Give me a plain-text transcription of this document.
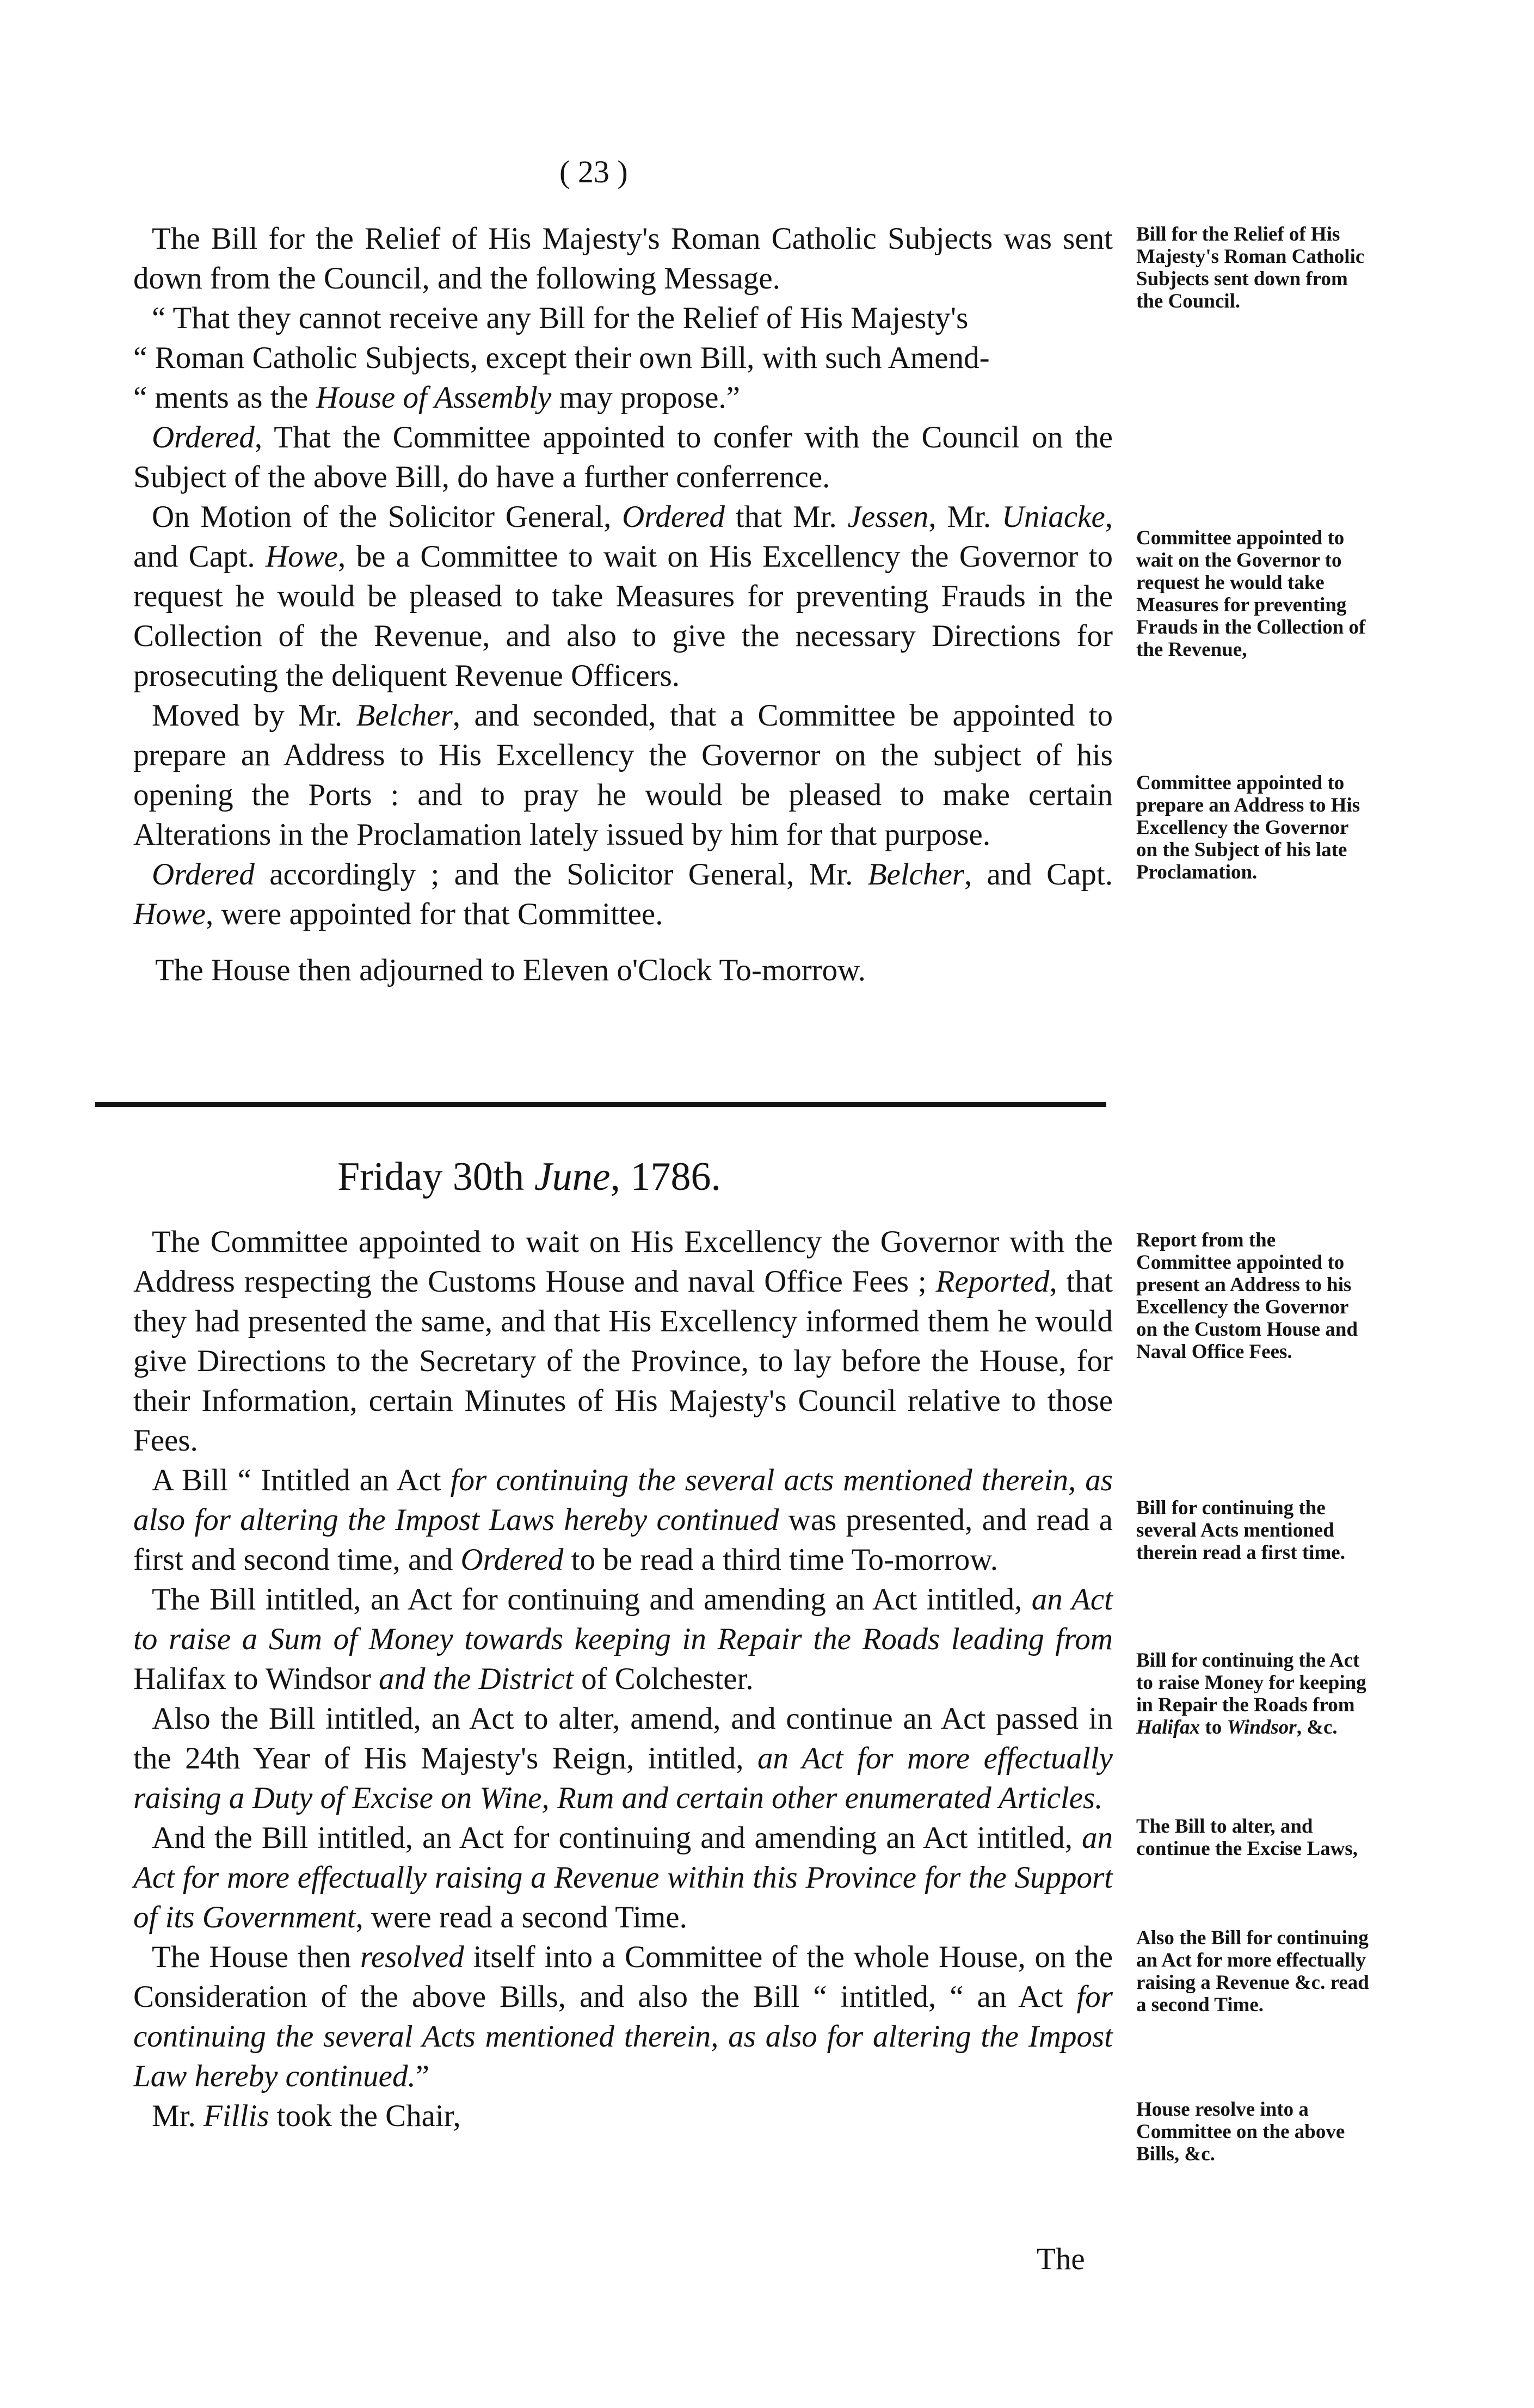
( 23 )

The Bill for the Relief of His Majesty's Roman Catholic Subjects was sent down from the Council, and the following Message.

“ That they cannot receive any Bill for the Relief of His Majesty's

“ Roman Catholic Subjects, except their own Bill, with such Amend-

“ ments as the House of Assembly may propose.”

Ordered, That the Committee appointed to confer with the Council on the Subject of the above Bill, do have a further conferrence.

On Motion of the Solicitor General, Ordered that Mr. Jessen, Mr. Uniacke, and Capt. Howe, be a Committee to wait on His Excellency the Governor to request he would be pleased to take Measures for preventing Frauds in the Collection of the Revenue, and also to give the necessary Directions for prosecuting the deliquent Revenue Officers.

Moved by Mr. Belcher, and seconded, that a Committee be appointed to prepare an Address to His Excellency the Governor on the subject of his opening the Ports : and to pray he would be pleased to make certain Alterations in the Proclamation lately issued by him for that purpose.

Ordered accordingly ; and the Solicitor General, Mr. Belcher, and Capt. Howe, were appointed for that Committee.

The House then adjourned to Eleven o'Clock To-morrow.

Friday 30th June, 1786.

The Committee appointed to wait on His Excellency the Governor with the Address respecting the Customs House and naval Office Fees ; Reported, that they had presented the same, and that His Excellency informed them he would give Directions to the Secretary of the Province, to lay before the House, for their Information, certain Minutes of His Majesty's Council relative to those Fees.

A Bill “ Intitled an Act for continuing the several acts mentioned therein, as also for altering the Impost Laws hereby continued was presented, and read a first and second time, and Ordered to be read a third time To-morrow.

The Bill intitled, an Act for continuing and amending an Act intitled, an Act to raise a Sum of Money towards keeping in Repair the Roads leading from Halifax to Windsor and the District of Colchester.

Also the Bill intitled, an Act to alter, amend, and continue an Act passed in the 24th Year of His Majesty's Reign, intitled, an Act for more effectually raising a Duty of Excise on Wine, Rum and certain other enumerated Articles.

And the Bill intitled, an Act for continuing and amending an Act intitled, an Act for more effectually raising a Revenue within this Province for the Support of its Government, were read a second Time.

The House then resolved itself into a Committee of the whole House, on the Consideration of the above Bills, and also the Bill “ intitled, “ an Act for continuing the several Acts mentioned therein, as also for altering the Impost Law hereby continued.”

Mr. Fillis took the Chair,

Bill for the Relief of His Majesty's Roman Catholic Subjects sent down from the Council.
Committee appointed to wait on the Governor to request he would take Measures for preventing Frauds in the Collection of the Revenue,
Committee appointed to prepare an Address to His Excellency the Governor on the Subject of his late Proclamation.
Report from the Committee appointed to present an Address to his Excellency the Governor on the Custom House and Naval Office Fees.
Bill for continuing the several Acts mentioned therein read a first time.
Bill for continuing the Act to raise Money for keeping in Repair the Roads from Halifax to Windsor, &c.
The Bill to alter, and continue the Excise Laws,
Also the Bill for continuing an Act for more effectually raising a Revenue &c. read a second Time.
House resolve into a Committee on the above Bills, &c.
The
